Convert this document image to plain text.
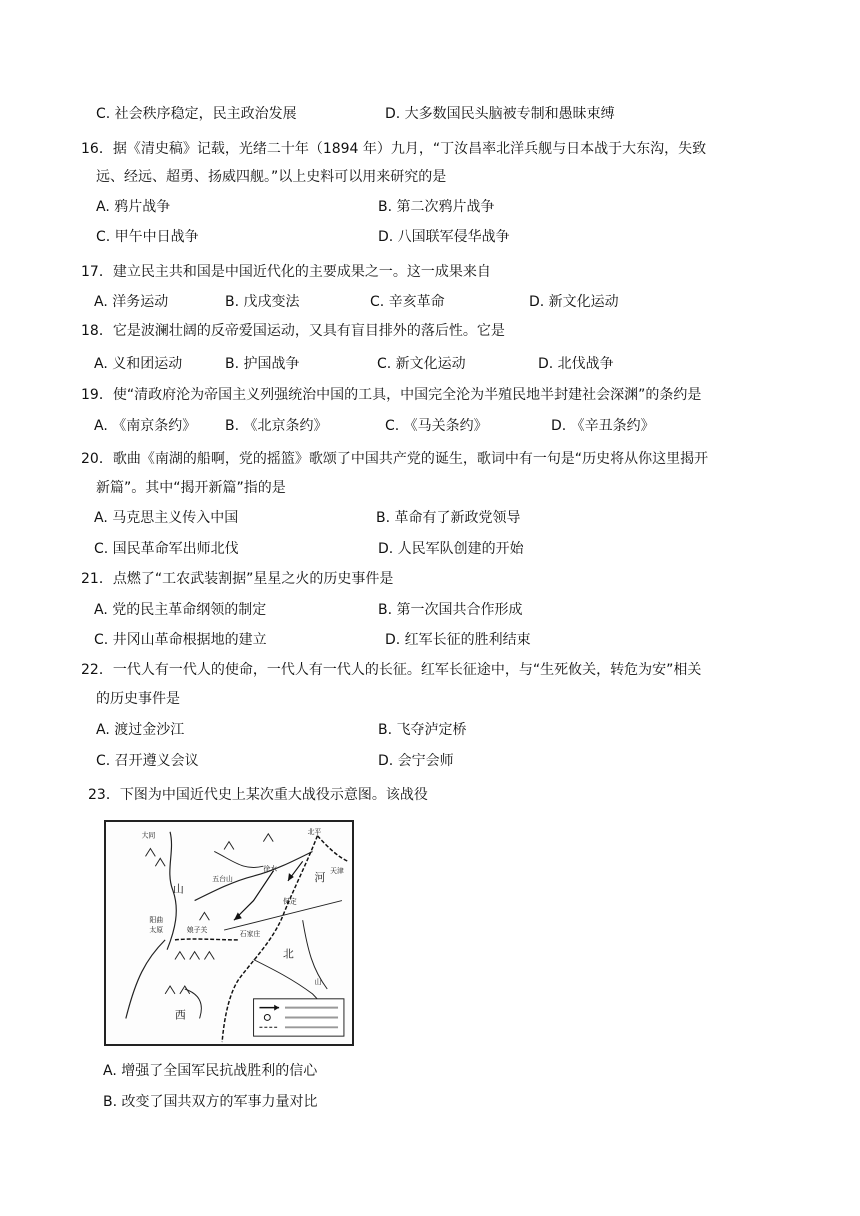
C. 社会秩序稳定，民主政治发展	D. 大多数国民头脑被专制和愚昧束缚
16．据《清史稿》记载，光绪二十年（1894 年）九月，“丁汝昌率北洋兵舰与日本战于大东沟，失致
远、经远、超勇、扬威四舰。”以上史料可以用来研究的是
A. 鸦片战争	B. 第二次鸦片战争
C. 甲午中日战争	D. 八国联军侵华战争
17．建立民主共和国是中国近代化的主要成果之一。这一成果来自
A. 洋务运动	B. 戊戌变法	C. 辛亥革命	D. 新文化运动
18．它是波澜壮阔的反帝爱国运动，又具有盲目排外的落后性。它是
A. 义和团运动	B. 护国战争	C. 新文化运动	D. 北伐战争
19．使“清政府沦为帝国主义列强统治中国的工具，中国完全沦为半殖民地半封建社会深渊”的条约是
A. 《南京条约》 B. 《北京条约》	C. 《马关条约》	D. 《辛丑条约》
20．歌曲《南湖的船啊，党的摇篮》歌颂了中国共产党的诞生，歌词中有一句是“历史将从你这里揭开
新篇”。其中“揭开新篇”指的是
A. 马克思主义传入中国	B. 革命有了新政党领导
C. 国民革命军出师北伐	D. 人民军队创建的开始
21．点燃了“工农武装割据”星星之火的历史事件是
A. 党的民主革命纲领的制定	B. 第一次国共合作形成
C. 井冈山革命根据地的建立	D. 红军长征的胜利结束
22．一代人有一代人的使命，一代人有一代人的长征。红军长征途中，与“生死攸关，转危为安”相关
的历史事件是
A. 渡过金沙江	B. 飞夺泸定桥
C. 召开遵义会议	D. 会宁会师
23．下图为中国近代史上某次重大战役示意图。该战役
大同	北平
天津
山
五台山
徐水
河
保定
阳曲
太原	娘子关	石家庄
北
山
西
A. 增强了全国军民抗战胜利的信心
B. 改变了国共双方的军事力量对比
